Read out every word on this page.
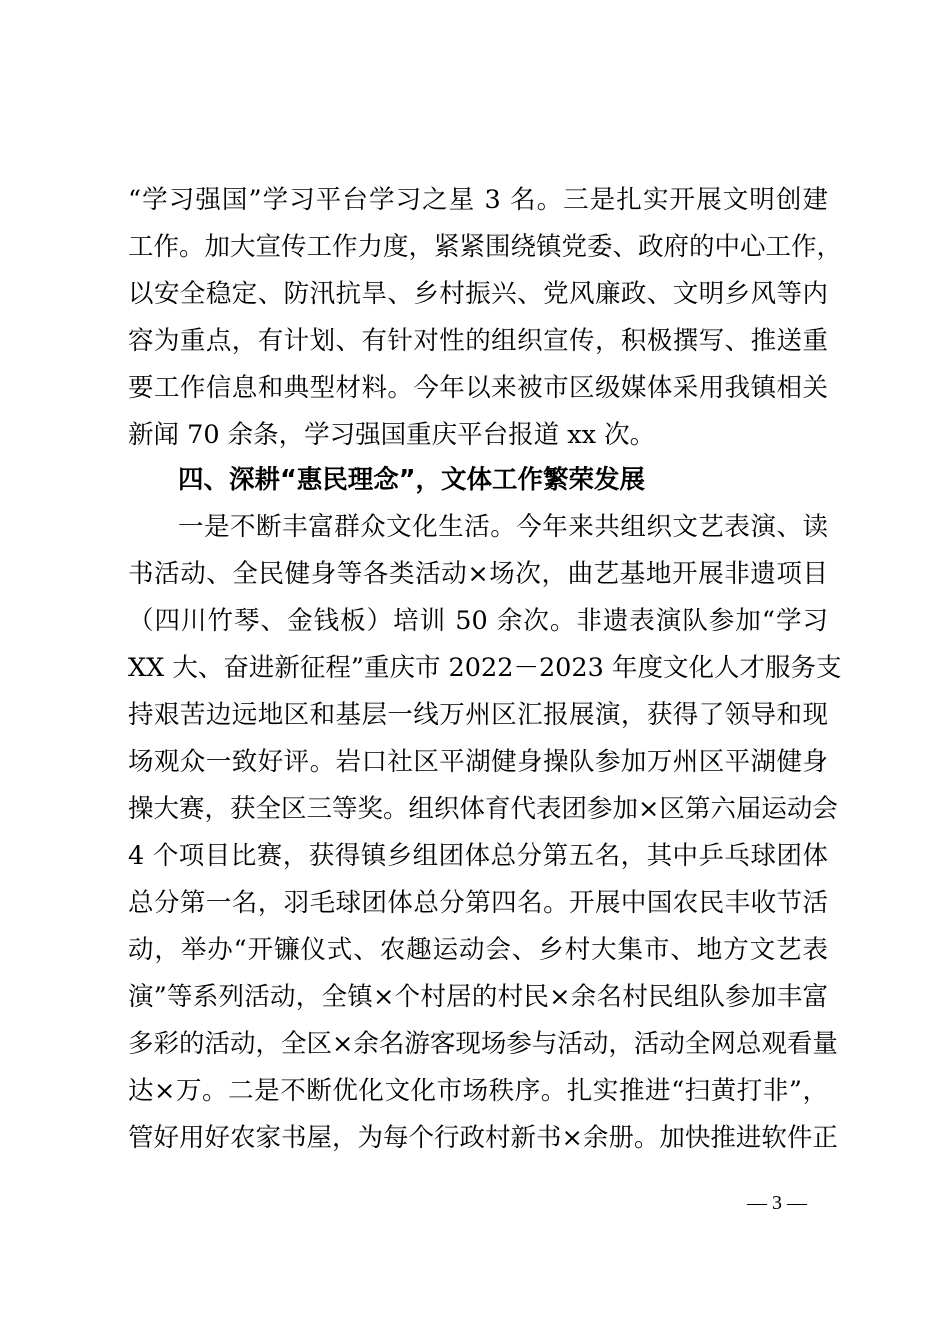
“学习强国”学习平台学习之星 3 名。三是扎实开展文明创建
工作。加大宣传工作力度，紧紧围绕镇党委、政府的中心工作，
以安全稳定、防汛抗旱、乡村振兴、党风廉政、文明乡风等内
容为重点，有计划、有针对性的组织宣传，积极撰写、推送重
要工作信息和典型材料。今年以来被市区级媒体采用我镇相关
新闻 70 余条，学习强国重庆平台报道 xx 次。
四、深耕“惠民理念”，文体工作繁荣发展
一是不断丰富群众文化生活。今年来共组织文艺表演、读
书活动、全民健身等各类活动×场次，曲艺基地开展非遗项目
（四川竹琴、金钱板）培训 50 余次。非遗表演队参加“学习
XX 大、奋进新征程”重庆市 2022－2023 年度文化人才服务支
持艰苦边远地区和基层一线万州区汇报展演，获得了领导和现
场观众一致好评。岩口社区平湖健身操队参加万州区平湖健身
操大赛，获全区三等奖。组织体育代表团参加×区第六届运动会
4 个项目比赛，获得镇乡组团体总分第五名，其中乒乓球团体
总分第一名，羽毛球团体总分第四名。开展中国农民丰收节活
动，举办“开镰仪式、农趣运动会、乡村大集市、地方文艺表
演”等系列活动，全镇×个村居的村民×余名村民组队参加丰富
多彩的活动，全区×余名游客现场参与活动，活动全网总观看量
达×万。二是不断优化文化市场秩序。扎实推进“扫黄打非”，
管好用好农家书屋，为每个行政村新书×余册。加快推进软件正
— 3 —
